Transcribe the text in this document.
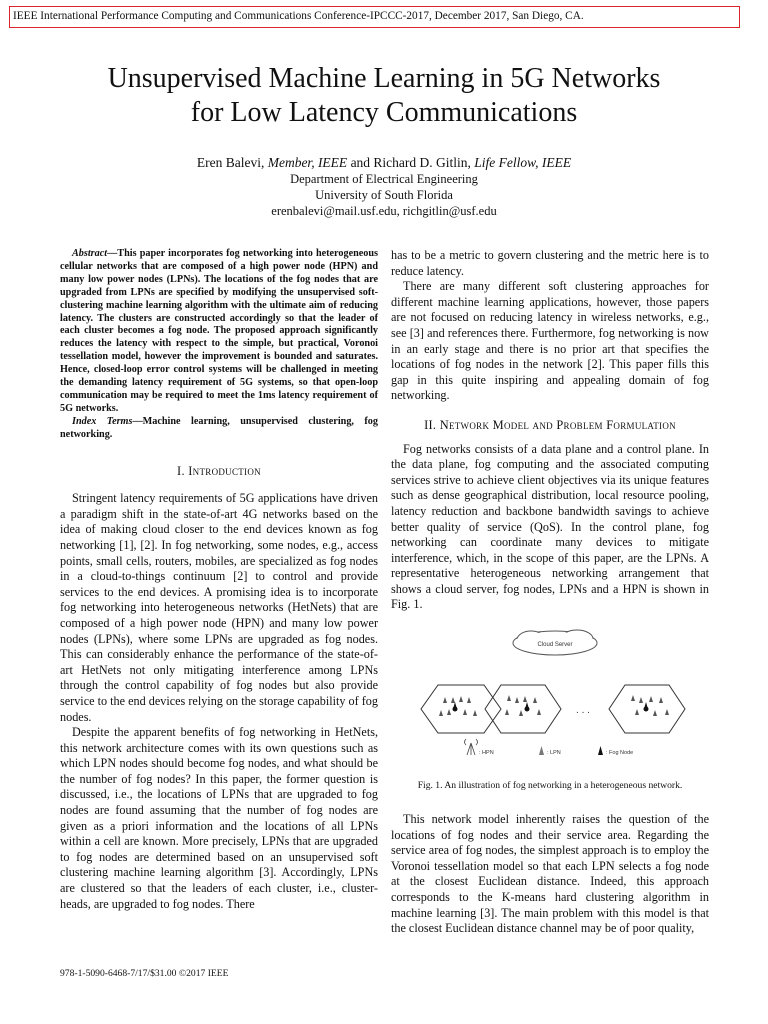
IEEE International Performance Computing and Communications Conference-IPCCC-2017, December 2017, San Diego, CA.
Unsupervised Machine Learning in 5G Networks
for Low Latency Communications
Eren Balevi, Member, IEEE and Richard D. Gitlin, Life Fellow, IEEE
Department of Electrical Engineering
University of South Florida
erenbalevi@mail.usf.edu, richgitlin@usf.edu

Abstract—This paper incorporates fog networking into heterogeneous cellular networks that are composed of a high power node (HPN) and many low power nodes (LPNs). The locations of the fog nodes that are upgraded from LPNs are specified by modifying the unsupervised soft-clustering machine learning algorithm with the ultimate aim of reducing latency. The clusters are constructed accordingly so that the leader of each cluster becomes a fog node. The proposed approach significantly reduces the latency with respect to the simple, but practical, Voronoi tessellation model, however the improvement is bounded and saturates. Hence, closed-loop error control systems will be challenged in meeting the demanding latency requirement of 5G systems, so that open-loop communication may be required to meet the 1ms latency requirement of 5G networks.

Index Terms—Machine learning, unsupervised clustering, fog networking.

I. Introduction

Stringent latency requirements of 5G applications have driven a paradigm shift in the state-of-art 4G networks based on the idea of making cloud closer to the end devices known as fog networking [1], [2]. In fog networking, some nodes, e.g., access points, small cells, routers, mobiles, are specialized as fog nodes in a cloud-to-things continuum [2] to control and provide services to the end devices. A promising idea is to incorporate fog networking into heterogeneous networks (HetNets) that are composed of a high power node (HPN) and many low power nodes (LPNs), where some LPNs are upgraded as fog nodes. This can considerably enhance the performance of the state-of-art HetNets not only mitigating interference among LPNs through the control capability of fog nodes but also provide service to the end devices relying on the storage capability of fog nodes.

Despite the apparent benefits of fog networking in HetNets, this network architecture comes with its own questions such as which LPN nodes should become fog nodes, and what should be the number of fog nodes? In this paper, the former question is discussed, i.e., the locations of LPNs that are upgraded to fog nodes are found assuming that the number of fog nodes are given as a priori information and the locations of all LPNs within a cell are known. More precisely, LPNs that are upgraded to fog nodes are determined based on an unsupervised soft clustering machine learning algorithm [3]. Accordingly, LPNs are clustered so that the leaders of each cluster, i.e., cluster-heads, are upgraded to fog nodes. There

has to be a metric to govern clustering and the metric here is to reduce latency.

There are many different soft clustering approaches for different machine learning applications, however, those papers are not focused on reducing latency in wireless networks, e.g., see [3] and references there. Furthermore, fog networking is now in an early stage and there is no prior art that specifies the locations of fog nodes in the network [2]. This paper fills this gap in this quite inspiring and appealing domain of fog networking.

II. Network Model and Problem Formulation

Fog networks consists of a data plane and a control plane. In the data plane, fog computing and the associated computing services strive to achieve client objectives via its unique features such as dense geographical distribution, local resource pooling, latency reduction and backbone bandwidth savings to achieve better quality of service (QoS). In the control plane, fog networking can coordinate many devices to mitigate interference, which, in the scope of this paper, are the LPNs. A representative heterogeneous networking arrangement that shows a cloud server, fog nodes, LPNs and a HPN is shown in Fig. 1.

Cloud Server
. . .
: HPN	: LPN	: Fog Node
Fig. 1. An illustration of fog networking in a heterogeneous network.

This network model inherently raises the question of the locations of fog nodes and their service area. Regarding the service area of fog nodes, the simplest approach is to employ the Voronoi tessellation model so that each LPN selects a fog node at the closest Euclidean distance. Indeed, this approach corresponds to the K-means hard clustering algorithm in machine learning [3]. The main problem with this model is that the closest Euclidean distance channel may be of poor quality,

978-1-5090-6468-7/17/$31.00 ©2017 IEEE
